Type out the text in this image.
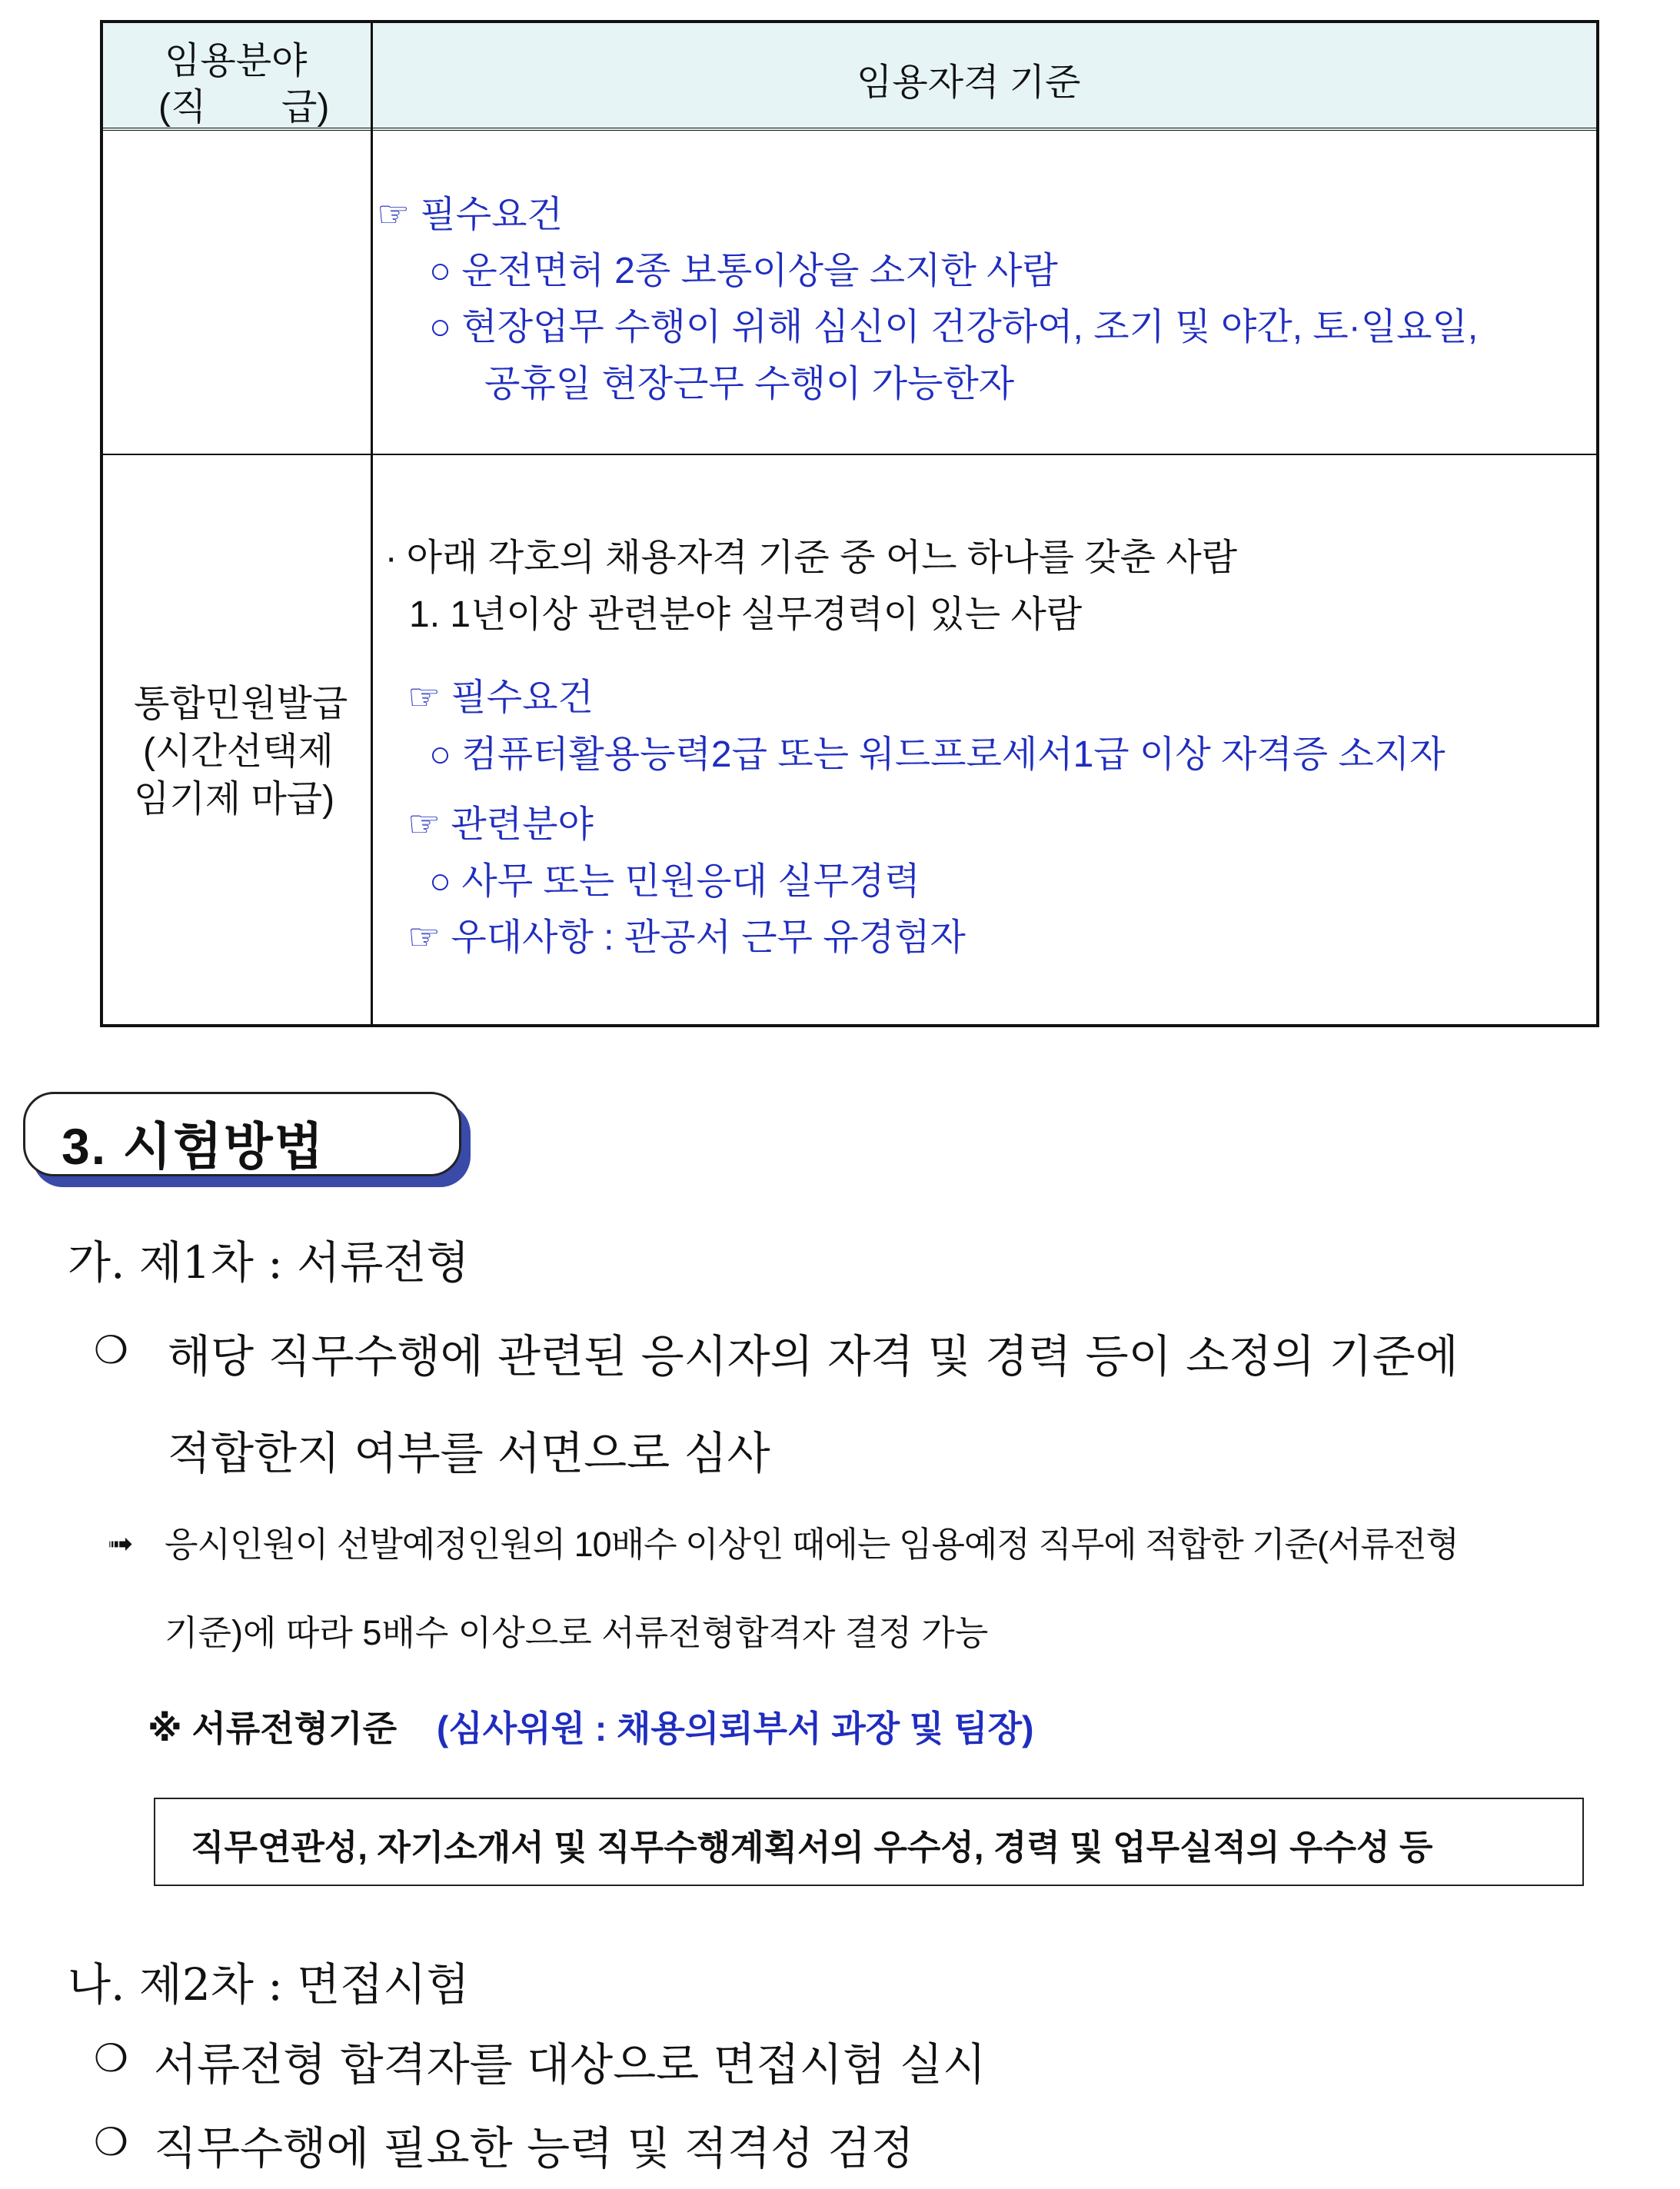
임용분야
(직 급)
임용자격 기준
☞ 필수요건
○ 운전면허 2종 보통이상을 소지한 사람
○ 현장업무 수행이 위해 심신이 건강하여, 조기 및 야간, 토·일요일,
공휴일 현장근무 수행이 가능한자
통합민원발급
(시간선택제
임기제 마급)
∙ 아래 각호의 채용자격 기준 중 어느 하나를 갖춘 사람
1. 1년이상 관련분야 실무경력이 있는 사람
☞ 필수요건
○ 컴퓨터활용능력2급 또는 워드프로세서1급 이상 자격증 소지자
☞ 관련분야
○ 사무 또는 민원응대 실무경력
☞ 우대사항 : 관공서 근무 유경험자
3. 시험방법
가. 제1차 : 서류전형
❍ 해당 직무수행에 관련된 응시자의 자격 및 경력 등이 소정의 기준에
적합한지 여부를 서면으로 심사
➟ 응시인원이 선발예정인원의 10배수 이상인 때에는 임용예정 직무에 적합한 기준(서류전형
기준)에 따라 5배수 이상으로 서류전형합격자 결정 가능
※ 서류전형기준 (심사위원 : 채용의뢰부서 과장 및 팀장)
직무연관성, 자기소개서 및 직무수행계획서의 우수성, 경력 및 업무실적의 우수성 등
나. 제2차 : 면접시험
❍ 서류전형 합격자를 대상으로 면접시험 실시
❍ 직무수행에 필요한 능력 및 적격성 검정
